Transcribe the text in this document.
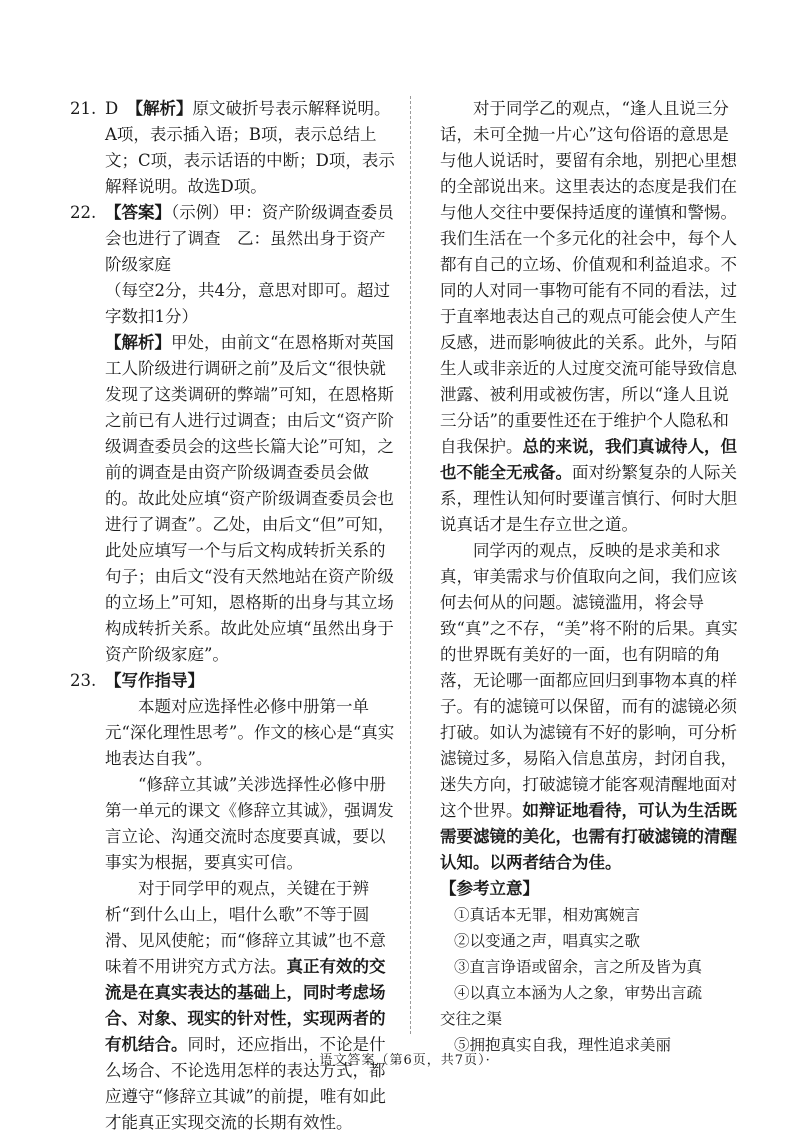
21. D　 【解析】原文破折号表示解释说明。A项，表示插入语；B项，表示总结上文；C项，表示话语的中断；D项，表示解释说明。故选D项。

22. 【答案】（示例）甲：资产阶级调查委员会也进行了调查　乙：虽然出身于资产阶级家庭

（每空2分，共4分，意思对即可。超过字数扣1分）

【解析】甲处，由前文“在恩格斯对英国工人阶级进行调研之前”及后文“很快就发现了这类调研的弊端”可知，在恩格斯之前已有人进行过调查；由后文“资产阶级调查委员会的这些长篇大论”可知，之前的调查是由资产阶级调查委员会做的。故此处应填“资产阶级调查委员会也进行了调查”。乙处，由后文“但”可知，此处应填写一个与后文构成转折关系的句子；由后文“没有天然地站在资产阶级的立场上”可知，恩格斯的出身与其立场构成转折关系。故此处应填“虽然出身于资产阶级家庭”。

23. 【写作指导】

本题对应选择性必修中册第一单元“深化理性思考”。作文的核心是“真实地表达自我”。

“修辞立其诚”关涉选择性必修中册第一单元的课文《修辞立其诚》，强调发言立论、沟通交流时态度要真诚，要以事实为根据，要真实可信。

对于同学甲的观点，关键在于辨析“到什么山上，唱什么歌”不等于圆滑、见风使舵；而“修辞立其诚”也不意味着不用讲究方式方法。真正有效的交流是在真实表达的基础上，同时考虑场合、对象、现实的针对性，实现两者的有机结合。同时，还应指出，不论是什么场合、不论选用怎样的表达方式，都应遵守“修辞立其诚”的前提，唯有如此才能真正实现交流的长期有效性。

对于同学乙的观点，“逢人且说三分话，未可全抛一片心”这句俗语的意思是与他人说话时，要留有余地，别把心里想的全部说出来。这里表达的态度是我们在与他人交往中要保持适度的谨慎和警惕。我们生活在一个多元化的社会中，每个人都有自己的立场、价值观和利益追求。不同的人对同一事物可能有不同的看法，过于直率地表达自己的观点可能会使人产生反感，进而影响彼此的关系。此外，与陌生人或非亲近的人过度交流可能导致信息泄露、被利用或被伤害，所以“逢人且说三分话”的重要性还在于维护个人隐私和自我保护。总的来说，我们真诚待人，但也不能全无戒备。面对纷繁复杂的人际关系，理性认知何时要谨言慎行、何时大胆说真话才是生存立世之道。

同学丙的观点，反映的是求美和求真，审美需求与价值取向之间，我们应该何去何从的问题。滤镜滥用，将会导致“真”之不存，“美”将不附的后果。真实的世界既有美好的一面，也有阴暗的角落，无论哪一面都应回归到事物本真的样子。有的滤镜可以保留，而有的滤镜必须打破。如认为滤镜有不好的影响，可分析滤镜过多，易陷入信息茧房，封闭自我，迷失方向，打破滤镜才能客观清醒地面对这个世界。如辩证地看待，可认为生活既需要滤镜的美化，也需有打破滤镜的清醒认知。以两者结合为佳。

【参考立意】

①真话本无罪，相劝寓婉言

②以变通之声，唱真实之歌

③直言诤语或留余，言之所及皆为真

④以真立本涵为人之象，审势出言疏

交往之渠

⑤拥抱真实自我，理性追求美丽

· 语文答案（第6页，共7页）·
